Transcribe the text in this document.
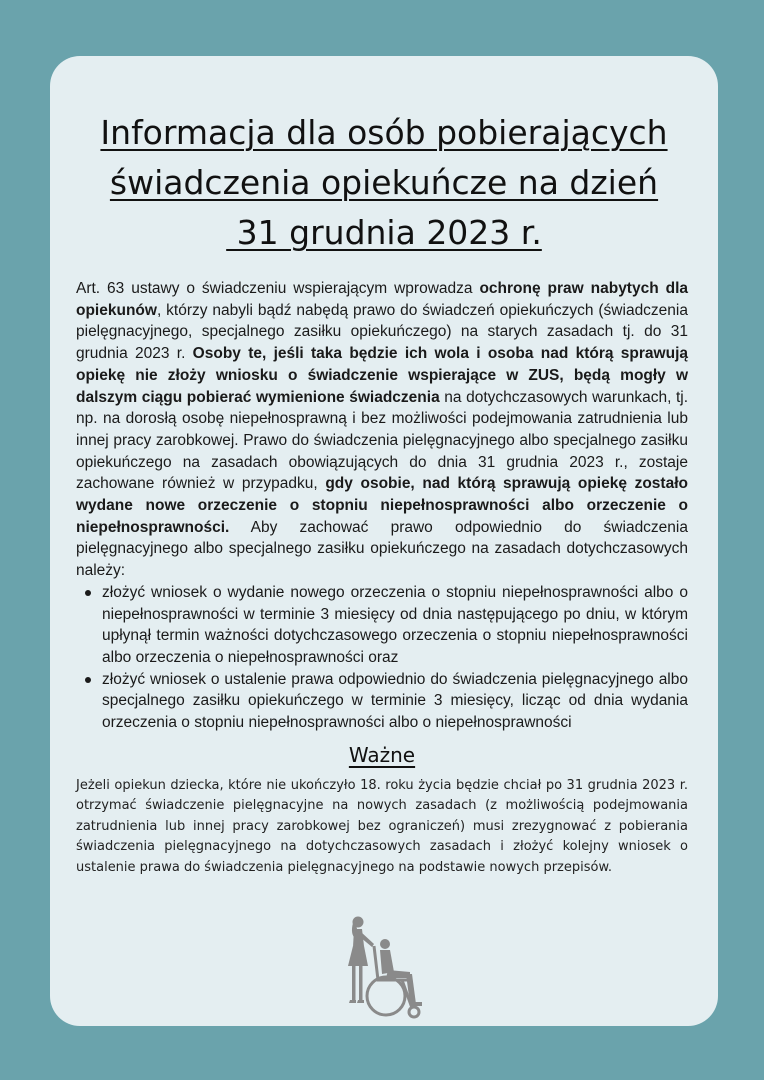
Informacja dla osób pobierających
świadczenia opiekuńcze na dzień
31 grudnia 2023 r.

Art. 63 ustawy o świadczeniu wspierającym wprowadza ochronę praw nabytych dla opiekunów, którzy nabyli bądź nabędą prawo do świadczeń opiekuńczych (świadczenia pielęgnacyjnego, specjalnego zasiłku opiekuńczego) na starych zasadach tj. do 31 grudnia 2023 r. Osoby te, jeśli taka będzie ich wola i osoba nad którą sprawują opiekę nie złoży wniosku o świadczenie wspierające w ZUS, będą mogły w dalszym ciągu pobierać wymienione świadczenia na dotychczasowych warunkach, tj. np. na dorosłą osobę niepełnosprawną i bez możliwości podejmowania zatrudnienia lub innej pracy zarobkowej. Prawo do świadczenia pielęgnacyjnego albo specjalnego zasiłku opiekuńczego na zasadach obowiązujących do dnia 31 grudnia 2023 r., zostaje zachowane również w przypadku, gdy osobie, nad którą sprawują opiekę zostało wydane nowe orzeczenie o stopniu niepełnosprawności albo orzeczenie o niepełnosprawności. Aby zachować prawo odpowiednio do świadczenia pielęgnacyjnego albo specjalnego zasiłku opiekuńczego na zasadach dotychczasowych należy:

złożyć wniosek o wydanie nowego orzeczenia o stopniu niepełnosprawności albo o niepełnosprawności w terminie 3 miesięcy od dnia następującego po dniu, w którym upłynął termin ważności dotychczasowego orzeczenia o stopniu niepełnosprawności albo orzeczenia o niepełnosprawności oraz
złożyć wniosek o ustalenie prawa odpowiednio do świadczenia pielęgnacyjnego albo specjalnego zasiłku opiekuńczego w terminie 3 miesięcy, licząc od dnia wydania orzeczenia o stopniu niepełnosprawności albo o niepełnosprawności
Ważne

Jeżeli opiekun dziecka, które nie ukończyło 18. roku życia będzie chciał po 31 grudnia 2023 r. otrzymać świadczenie pielęgnacyjne na nowych zasadach (z możliwością podejmowania zatrudnienia lub innej pracy zarobkowej bez ograniczeń) musi zrezygnować z pobierania świadczenia pielęgnacyjnego na dotychczasowych zasadach i złożyć kolejny wniosek o ustalenie prawa do świadczenia pielęgnacyjnego na podstawie nowych przepisów.
